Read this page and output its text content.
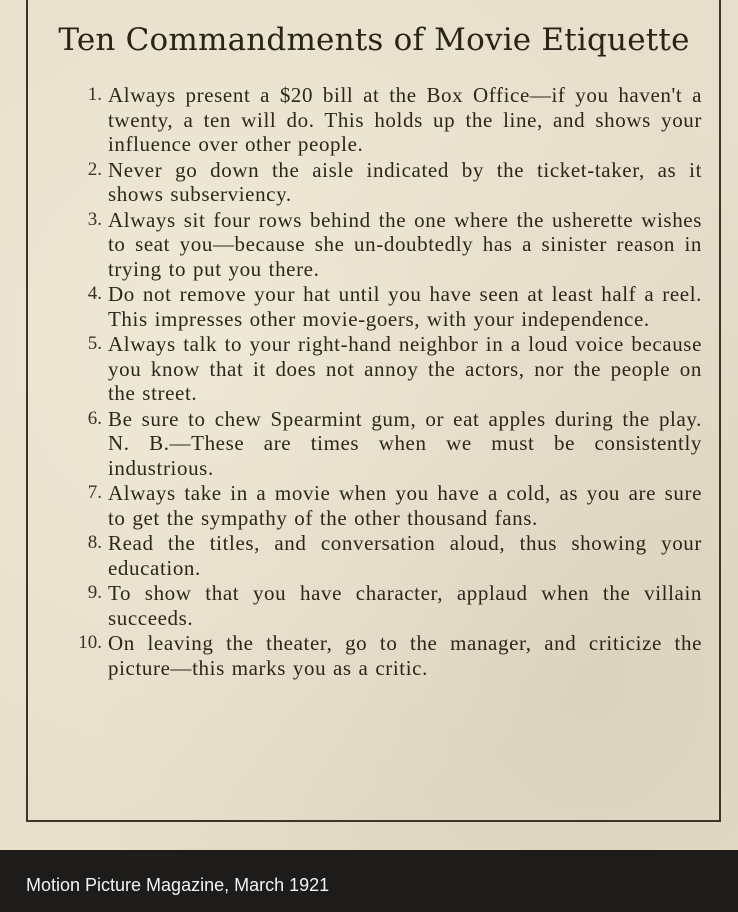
Ten Commandments of Movie Etiquette
1. Always present a $20 bill at the Box Office—if you haven't a twenty, a ten will do. This holds up the line, and shows your influence over other people.
2. Never go down the aisle indicated by the ticket-taker, as it shows subserviency.
3. Always sit four rows behind the one where the usherette wishes to seat you—because she un-doubtedly has a sinister reason in trying to put you there.
4. Do not remove your hat until you have seen at least half a reel. This impresses other movie-goers, with your independence.
5. Always talk to your right-hand neighbor in a loud voice because you know that it does not annoy the actors, nor the people on the street.
6. Be sure to chew Spearmint gum, or eat apples during the play. N. B.—These are times when we must be consistently industrious.
7. Always take in a movie when you have a cold, as you are sure to get the sympathy of the other thousand fans.
8. Read the titles, and conversation aloud, thus showing your education.
9. To show that you have character, applaud when the villain succeeds.
10. On leaving the theater, go to the manager, and criticize the picture—this marks you as a critic.
Motion Picture Magazine, March 1921
